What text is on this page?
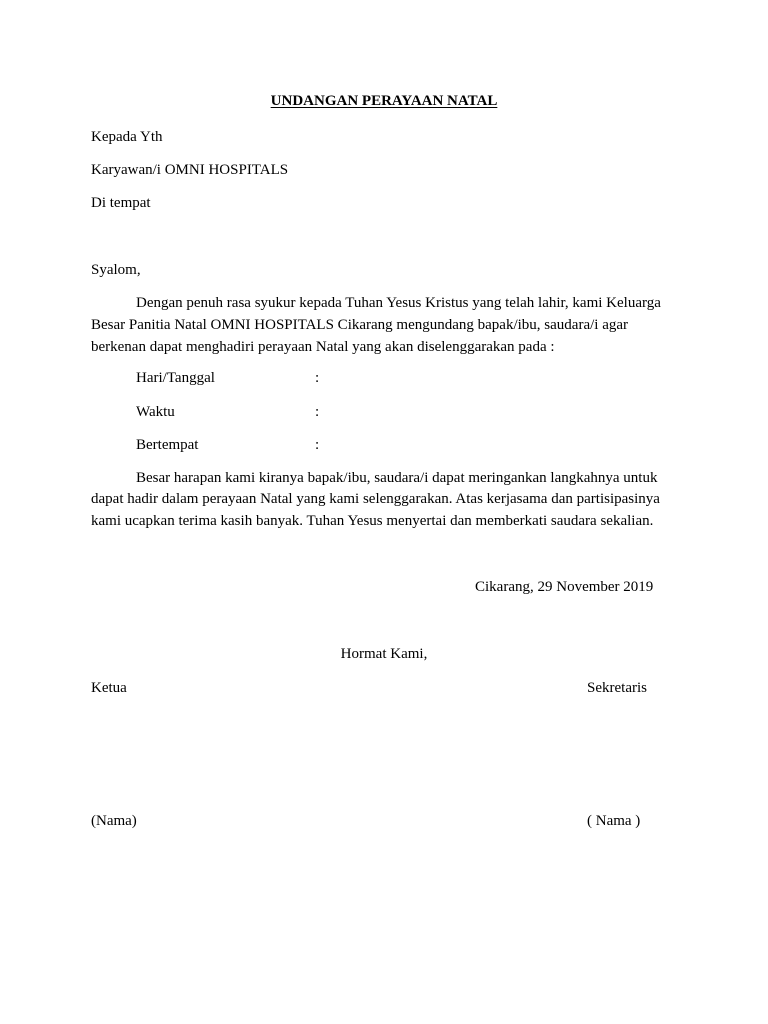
UNDANGAN PERAYAAN NATAL
Kepada Yth
Karyawan/i OMNI HOSPITALS
Di tempat
Syalom,
Dengan penuh rasa syukur kepada Tuhan Yesus Kristus yang telah lahir, kami Keluarga
Besar Panitia Natal OMNI HOSPITALS Cikarang mengundang bapak/ibu, saudara/i agar
berkenan dapat menghadiri perayaan Natal yang akan diselenggarakan pada :
Hari/Tanggal	:
Waktu	:
Bertempat	:
Besar harapan kami kiranya bapak/ibu, saudara/i dapat meringankan langkahnya untuk
dapat hadir dalam perayaan Natal yang kami selenggarakan. Atas kerjasama dan partisipasinya
kami ucapkan terima kasih banyak. Tuhan Yesus menyertai dan memberkati saudara sekalian.
Cikarang, 29 November 2019
Hormat Kami,
Ketua	Sekretaris
(Nama)	( Nama )
